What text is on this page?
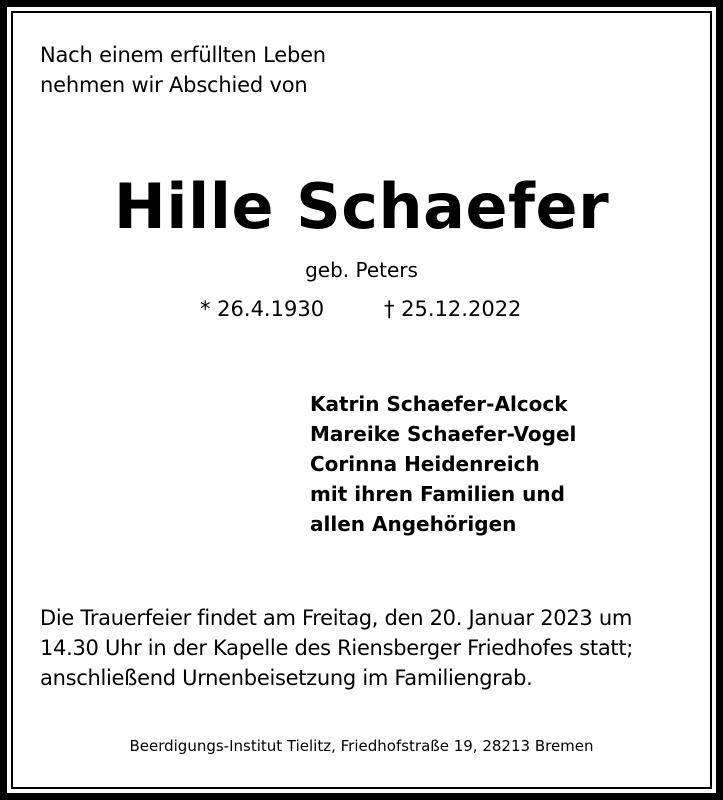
Nach einem erfüllten Leben
nehmen wir Abschied von
Hille Schaefer
geb. Peters
* 26.4.1930	† 25.12.2022
Katrin Schaefer-Alcock
Mareike Schaefer-Vogel
Corinna Heidenreich
mit ihren Familien und
allen Angehörigen
Die Trauerfeier findet am Freitag, den 20. Januar 2023 um
14.30 Uhr in der Kapelle des Riensberger Friedhofes statt;
anschließend Urnenbeisetzung im Familiengrab.
Beerdigungs-Institut Tielitz, Friedhofstraße 19, 28213 Bremen
